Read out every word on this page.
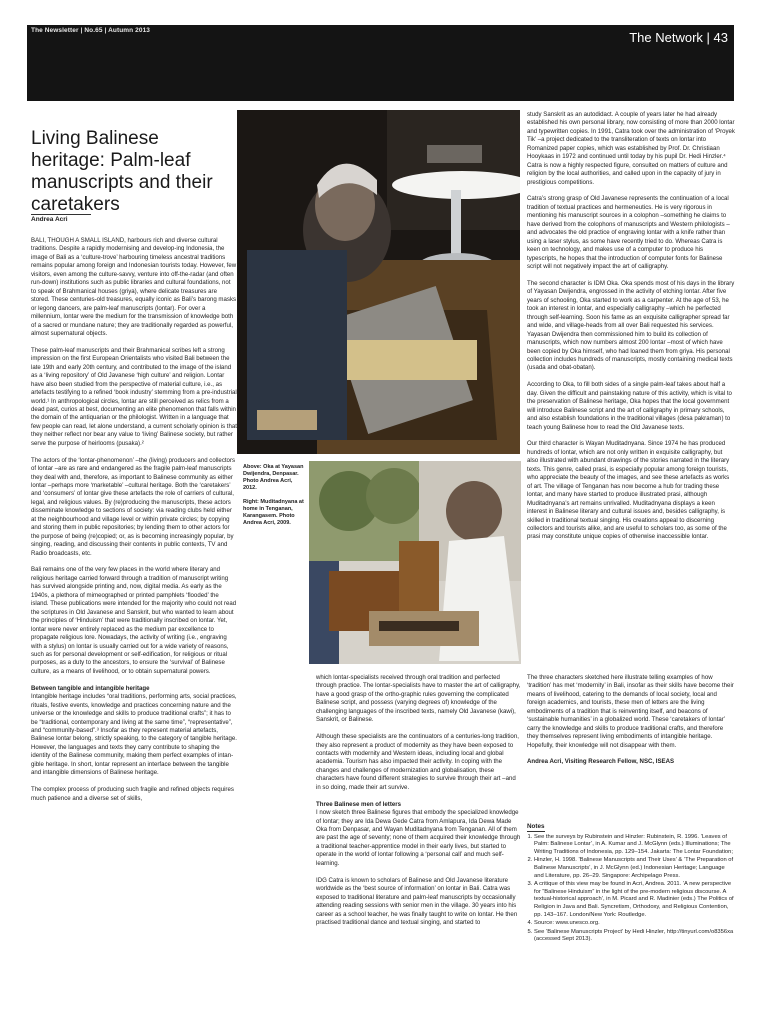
The Newsletter | No.65 | Autumn 2013	The Network | 43
Living Balinese heritage: Palm-leaf manuscripts and their caretakers
Andrea Acri

BALI, THOUGH A SMALL ISLAND, harbours rich and diverse cultural traditions. Despite a rapidly modernising and develop-ing Indonesia, the image of Bali as a ‘culture-trove’ harbouring timeless ancestral traditions remains popular among foreign and Indonesian tourists today. However, few visitors, even among the culture-savvy, venture into off-the-radar (and often run-down) institutions such as public libraries and cultural foundations, not to speak of Brahmanical houses (griya), where delicate treasures are stored. These centuries-old treasures, equally iconic as Bali’s barong masks or legong dancers, are palm-leaf manuscripts (lontar). For over a millennium, lontar were the medium for the transmission of knowledge both of a sacred or mundane nature; they are traditionally regarded as powerful, almost supernatural objects.

These palm-leaf manuscripts and their Brahmanical scribes left a strong impression on the first European Orientalists who visited Bali between the late 19th and early 20th century, and contributed to the image of the island as a ‘living repository’ of Old Javanese ‘high culture’ and religion. Lontar have also been studied from the perspective of material culture, i.e., as artefacts testifying to a refined ‘book industry’ stemming from a pre-industrial world.¹ In anthropological circles, lontar are still perceived as relics from a dead past, curios at best, documenting an elite phenomenon that falls within the domain of the antiquarian or the philologist. Written in a language that few people can read, let alone understand, a current scholarly opinion is that they neither reflect nor bear any value to ‘living’ Balinese society, but rather serve the purpose of heirlooms (pusaka).²

The actors of the ‘lontar-phenomenon’ –the (living) producers and collectors of lontar –are as rare and endangered as the fragile palm-leaf manuscripts they deal with and, therefore, as important to Balinese community as either lontar –perhaps more ‘marketable’ –cultural heritage. Both the ‘caretakers’ and ‘consumers’ of lontar give these artefacts the role of carriers of cultural, legal, and religious values. By (re)producing the manuscripts, these actors disseminate knowledge to sections of society: via reading clubs held either at the neighbourhood and village level or within private circles; by copying and storing them in public repositories; by lending them to other actors for the purpose of being (re)copied; or, as is becoming increasingly popular, by singing, reading, and discussing their contents in public contexts, TV and Radio broadcasts, etc.

Bali remains one of the very few places in the world where literary and religious heritage carried forward through a tradition of manuscript writing has survived alongside printing and, now, digital media. As early as the 1940s, a plethora of mimeographed or printed pamphlets ‘flooded’ the island. These publications were intended for the majority who could not read the scriptures in Old Javanese and Sanskrit, but who wanted to learn about the principles of ‘Hinduism’ that were traditionally inscribed on lontar. Yet, lontar were never entirely replaced as the medium par excellence to propagate religious lore. Nowadays, the activity of writing (i.e., engraving with a stylus) on lontar is usually carried out for a wide variety of reasons, such as for personal development or self-edification, for religious or ritual purposes, as a duty to the ancestors, to ensure the ‘survival’ of Balinese culture, as a means of livelihood, or to obtain supernatural powers.

Between tangible and intangible heritage

Intangible heritage includes “oral traditions, performing arts, social practices, rituals, festive events, knowledge and practices concerning nature and the universe or the knowledge and skills to produce traditional crafts”; it has to be “traditional, contemporary and living at the same time”, “representative”, and “community-based”.³ Insofar as they represent material artefacts, Balinese lontar belong, strictly speaking, to the category of tangible heritage. However, the languages and texts they carry contribute to shaping the identity of the Balinese community, making them perfect examples of intan-gible heritage. In short, lontar represent an interface between the tangible and intangible dimensions of Balinese heritage.

The complex process of producing such fragile and refined objects requires much patience and a diverse set of skills,

Above: Oka at Yayasan Dwijendra, Denpasar. Photo Andrea Acri, 2012.

Right: Muditadnyana at home in Tenganan, Karangasem. Photo Andrea Acri, 2009.

which lontar-specialists received through oral tradition and perfected through practice. The lontar-specialists have to master the art of calligraphy, have a good grasp of the ortho-graphic rules governing the complicated Balinese script, and possess (varying degrees of) knowledge of the challenging languages of the inscribed texts, namely Old Javanese (kawi), Sanskrit, or Balinese.

Although these specialists are the continuators of a centuries-long tradition, they also represent a product of modernity as they have been exposed to contacts with modernity and Western ideas, including local and global academia. Tourism has also impacted their activity. In coping with the changes and challenges of modernization and globalisation, these characters have found different strategies to survive through their art –and in so doing, made their art survive.

Three Balinese men of letters

I now sketch three Balinese figures that embody the specialized knowledge of lontar; they are Ida Dewa Gede Catra from Amlapura, Ida Dewa Made Oka from Denpasar, and Wayan Muditadnyana from Tenganan. All of them are past the age of seventy; none of them acquired their knowledge through a traditional teacher-apprentice model in their early lives, but started to operate in the world of lontar following a ‘personal call’ and much self-learning.

IDG Catra is known to scholars of Balinese and Old Javanese literature worldwide as the ‘best source of information’ on lontar in Bali. Catra was exposed to traditional literature and palm-leaf manuscripts by occasionally attending reading sessions with senior men in the village. 30 years into his career as a school teacher, he was finally taught to write on lontar. He then practised traditional dance and textual singing, and started to

study Sanskrit as an autodidact. A couple of years later he had already established his own personal library, now consisting of more than 2000 lontar and typewritten copies. In 1991, Catra took over the administration of ‘Proyek Tik’ –a project dedicated to the transliteration of texts on lontar into Romanized paper copies, which was established by Prof. Dr. Christiaan Hooykaas in 1972 and continued until today by his pupil Dr. Hedi Hinzler.⁴ Catra is now a highly respected figure, consulted on matters of culture and religion by the local authorities, and called upon in the capacity of jury in prestigious competitions.

Catra’s strong grasp of Old Javanese represents the continuation of a local tradition of textual practices and hermeneutics. He is very rigorous in mentioning his manuscript sources in a colophon –something he claims to have derived from the colophons of manuscripts and Western philologists –and advocates the old practice of engraving lontar with a knife rather than using a laser stylus, as some have recently tried to do. Whereas Catra is keen on technology, and makes use of a computer to produce his typescripts, he hopes that the introduction of computer fonts for Balinese script will not negatively impact the art of calligraphy.

The second character is IDM Oka. Oka spends most of his days in the library of Yayasan Dwijendra, engrossed in the activity of etching lontar. After five years of schooling, Oka started to work as a carpenter. At the age of 53, he took an interest in lontar, and especially calligraphy –which he perfected through self-learning. Soon his fame as an exquisite calligrapher spread far and wide, and village-heads from all over Bali requested his services. Yayasan Dwijendra then commissioned him to build its collection of manuscripts, which now numbers almost 200 lontar –most of which have been copied by Oka himself, who had loaned them from griya. His personal collection includes hundreds of manuscripts, mostly containing medical texts (usada and obat-obatan).

According to Oka, to fill both sides of a single palm-leaf takes about half a day. Given the difficult and painstaking nature of this activity, which is vital to the preservation of Balinese heritage, Oka hopes that the local government will introduce Balinese script and the art of calligraphy in primary schools, and also establish foundations in the traditional villages (desa pakraman) to teach young Balinese how to read the Old Javanese texts.

Our third character is Wayan Muditadnyana. Since 1974 he has produced hundreds of lontar, which are not only written in exquisite calligraphy, but also illustrated with abundant drawings of the stories narrated in the literary texts. This genre, called prasi, is especially popular among foreign tourists, who appreciate the beauty of the images, and see these artefacts as works of art. The village of Tenganan has now become a hub for trading these lontar, and many have started to produce illustrated prasi, although Muditadnyana’s art remains unrivalled. Muditadnyana displays a keen interest in Balinese literary and cultural issues and, besides calligraphy, is skilled in traditional textual singing. His creations appeal to discerning collectors and tourists alike, and are useful to scholars too, as some of the prasi may constitute unique copies of otherwise inaccessible lontar.

The three characters sketched here illustrate telling examples of how ‘tradition’ has met ‘modernity’ in Bali, insofar as their skills have become their means of livelihood, catering to the demands of local society, local and foreign academics, and tourists, these men of letters are the living embodiments of a tradition that is reinventing itself, and beacons of ‘sustainable humanities’ in a globalized world. These ‘caretakers of lontar’ carry the knowledge and skills to produce traditional crafts, and therefore they themselves represent living embodiments of intangible heritage. Hopefully, their knowledge will not disappear with them.

Andrea Acri, Visiting Research Fellow, NSC, ISEAS

Notes
1. See the surveys by Rubinstein and Hinzler: Rubinstein, R. 1996. ‘Leaves of Palm: Balinese Lontar’, in A. Kumar and J. McGlynn (eds.) Illuminations; The Writing Traditions of Indonesia, pp. 129–154. Jakarta: The Lontar Foundation;
2. Hinzler, H. 1998. ‘Balinese Manuscripts and Their Uses’ & ‘The Preparation of Balinese Manuscripts’, in J. McGlynn (ed.) Indonesian Heritage; Language and Literature, pp. 26–29. Singapore: Archipelago Press.
3. A critique of this view may be found in Acri, Andrea. 2011. ‘A new perspective for “Balinese Hinduism” in the light of the pre-modern religious discourse. A textual-historical approach’, in M. Picard and R. Madinier (eds.) The Politics of Religion in Java and Bali. Syncretism, Orthodoxy, and Religious Contention, pp. 143–167. London/New York: Routledge.
4. Source: www.unesco.org.
5. See ‘Balinese Manuscripts Project’ by Hedi Hinzler, http://tinyurl.com/o8356xa (accessed Sept 2013).
